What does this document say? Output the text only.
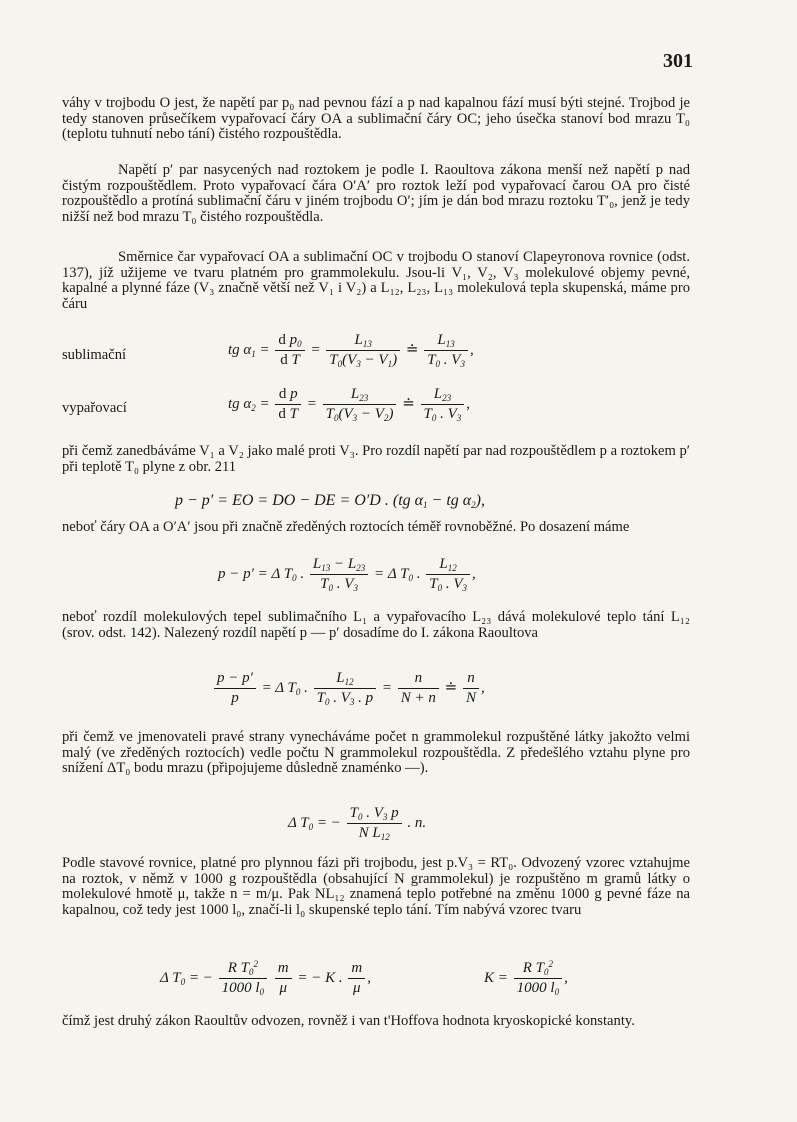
301

váhy v trojbodu O jest, že napětí par p₀ nad pevnou fází a p nad kapalnou fází musí býti stejné. Trojbod je tedy stanoven průsečíkem vypařovací čáry OA a sublimační čáry OC; jeho úsečka stanoví bod mrazu T₀ (teplotu tuhnutí nebo tání) čistého rozpouštědla.

Napětí p′ par nasycených nad roztokem je podle I. Raoultova zákona menší než napětí p nad čistým rozpouštědlem. Proto vypařovací čára O′A′ pro roztok leží pod vypařovací čarou OA pro čisté rozpouštědlo a protíná sublimační čáru v jiném trojbodu O′; jím je dán bod mrazu roztoku T′₀, jenž je tedy nižší než bod mrazu T₀ čistého rozpouštědla.

Směrnice čar vypařovací OA a sublimační OC v trojbodu O stanoví Clapeyronova rovnice (odst. 137), jíž užijeme ve tvaru platném pro grammolekulu. Jsou-li V₁, V₂, V₃ molekulové objemy pevné, kapalné a plynné fáze (V₃ značně větší než V₁ i V₂) a L₁₂, L₂₃, L₁₃ molekulová tepla skupenská, máme pro čáru

sublimační	tg $\alpha_1 = \frac{d p_0}{\text{d T}} = \frac{L_{13}}{T_0(V_3 - V_1)}$ ≐ $\frac{L_{13}}{T_0 . V_3}$ ,
vypařovací	tg $\alpha_2 = \frac{\text{d p}}{\text{d T}} = \frac{L_{23}}{T_0(V_3 - V_2)}$ ≐ $\frac{L_{23}}{T_0 . V_3}$ ,

při čemž zanedbáváme V₁ a V₂ jako malé proti V₃. Pro rozdíl napětí par nad rozpouštědlem p a roztokem p′ při teplotě T₀ plyne z obr. 211

p − p′ = EO = DO − DE = O′D . (tg $\alpha_1$ − tg $\alpha_2$),

neboť čáry OA a O′A′ jsou při značně zředěných roztocích téměř rovnoběžné. Po dosazení máme

p − p′ = Δ $T_0$ . $\frac{L_{13} - L_{23}}{T_0 . V_3} = \Delta$ $T_0$ . $\frac{L_{12}}{T_0 . V_3}$ ,

neboť rozdíl molekulových tepel sublimačního L₁ a vypařovacího L₂₃ dává molekulové teplo tání L₁₂ (srov. odst. 142). Nalezený rozdíl napětí p — p′ dosadíme do I. zákona Raoultova

$\frac{p - p'}{p} = \Delta$ $T_0$ . $\frac{L_{12}}{T_0 . V_3 . p} = \frac{n}{N + n}$ ≐ $\frac{n}{N}$ ,

při čemž ve jmenovateli pravé strany vynecháváme počet n grammolekul rozpuštěné látky jakožto velmi malý (ve zředěných roztocích) vedle počtu N grammolekul rozpouštědla. Z předešlého vztahu plyne pro snížení ΔT₀ bodu mrazu (připojujeme důsledně znaménko —).

Δ $T_0$ = − $\frac{T_0 . V_3 p}{N L_{12}}$ . n.

Podle stavové rovnice, platné pro plynnou fázi při trojbodu, jest p.V₃ = RT₀. Odvozený vzorec vztahujme na roztok, v němž v 1000 g rozpouštědla (obsahující N grammolekul) je rozpuštěno m gramů látky o molekulové hmotě μ, takže n = m/μ. Pak NL₁₂ znamená teplo potřebné na změnu 1000 g pevné fáze na kapalnou, což tedy jest 1000 l₀, značí-li l₀ skupenské teplo tání. Tím nabývá vzorec tvaru

Δ $T_0$ = − $\frac{R T_0^2}{1000 l_0}$
$\frac{m}{\mu}$ = − K . $\frac{m}{\mu}$ ,	$K = \frac{R T_0^2}{1000 l_0}$ ,

čímž jest druhý zákon Raoultův odvozen, rovněž i van t'Hoffova hodnota kryoskopické konstanty.
